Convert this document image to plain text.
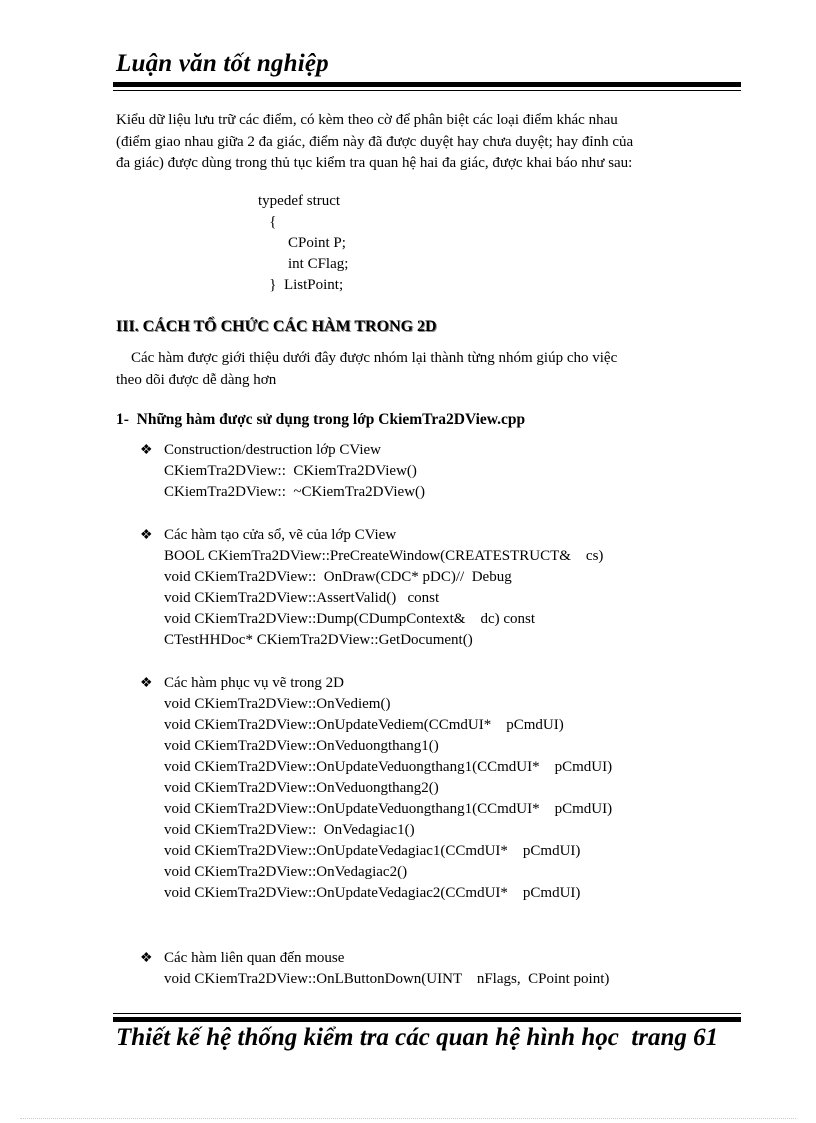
Luận văn tốt nghiệp
Kiểu dữ liệu lưu trữ các điểm, có kèm theo cờ để phân biệt các loại điểm khác nhau
(điểm giao nhau giữa 2 đa giác, điểm này đã được duyệt hay chưa duyệt; hay đỉnh của
đa giác) được dùng trong thủ tục kiểm tra quan hệ hai đa giác, được khai báo như sau:
typedef struct
{
CPoint P;
int CFlag;
}  ListPoint;
III. CÁCH TỔ CHỨC CÁC HÀM TRONG 2D
Các hàm được giới thiệu dưới đây được nhóm lại thành từng nhóm giúp cho việc
theo dõi được dễ dàng hơn
1-  Những hàm được sử dụng trong lớp CkiemTra2DView.cpp
❖ Construction/destruction lớp CView
CKiemTra2DView::  CKiemTra2DView()
CKiemTra2DView::  ~CKiemTra2DView()
❖ Các hàm tạo cửa sổ, vẽ của lớp CView
BOOL CKiemTra2DView::PreCreateWindow(CREATESTRUCT&    cs)
void CKiemTra2DView::  OnDraw(CDC* pDC)//  Debug
void CKiemTra2DView::AssertValid()   const
void CKiemTra2DView::Dump(CDumpContext&    dc) const
CTestHHDoc* CKiemTra2DView::GetDocument()
❖ Các hàm phục vụ vẽ trong 2D
void CKiemTra2DView::OnVediem()
void CKiemTra2DView::OnUpdateVediem(CCmdUI*    pCmdUI)
void CKiemTra2DView::OnVeduongthang1()
void CKiemTra2DView::OnUpdateVeduongthang1(CCmdUI*    pCmdUI)
void CKiemTra2DView::OnVeduongthang2()
void CKiemTra2DView::OnUpdateVeduongthang1(CCmdUI*    pCmdUI)
void CKiemTra2DView::  OnVedagiac1()
void CKiemTra2DView::OnUpdateVedagiac1(CCmdUI*    pCmdUI)
void CKiemTra2DView::OnVedagiac2()
void CKiemTra2DView::OnUpdateVedagiac2(CCmdUI*    pCmdUI)
❖ Các hàm liên quan đến mouse
void CKiemTra2DView::OnLButtonDown(UINT    nFlags,  CPoint point)
Thiết kế hệ thống kiểm tra các quan hệ hình học  trang 61
